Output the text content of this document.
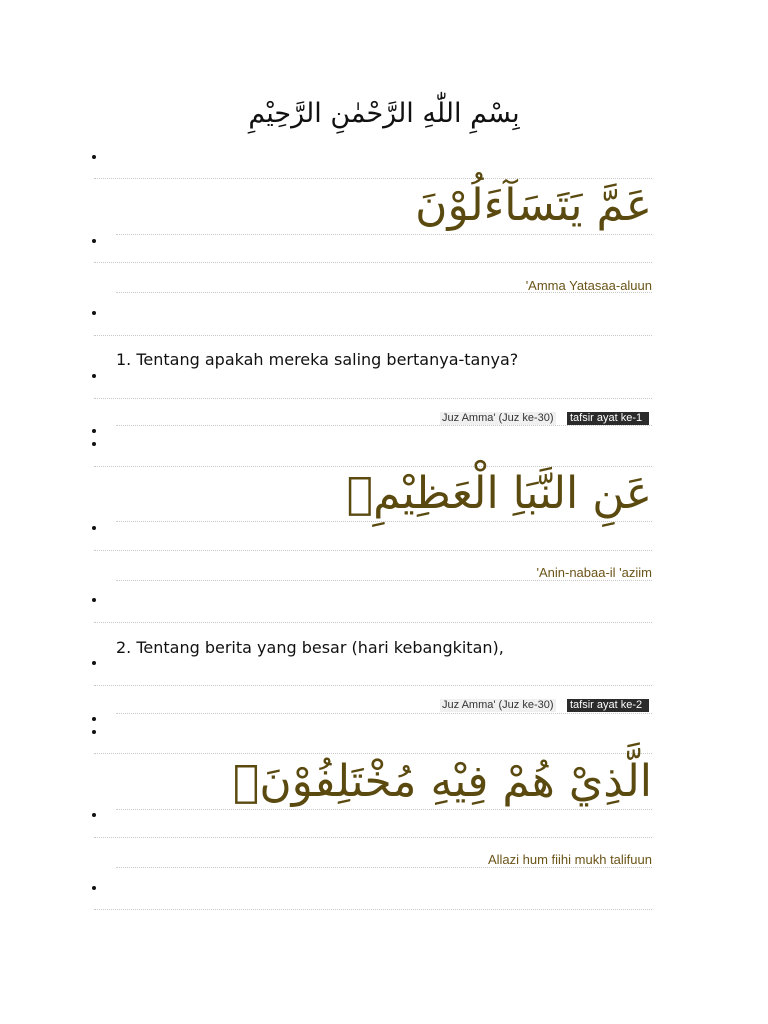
بِسْمِ اللّٰهِ الرَّحْمٰنِ الرَّحِيْمِ
عَمَّ يَتَسَآءَلُوْنَ
'Amma Yatasaa-aluun
1. Tentang apakah mereka saling bertanya-tanya?
Juz Amma' (Juz ke-30) tafsir ayat ke-1
عَنِ النَّبَاِ الْعَظِيْمِۙ
'Anin-nabaa-il 'aziim
2. Tentang berita yang besar (hari kebangkitan),
Juz Amma' (Juz ke-30) tafsir ayat ke-2
الَّذِيْ هُمْ فِيْهِ مُخْتَلِفُوْنَۗ
Allazi hum fiihi mukh talifuun
